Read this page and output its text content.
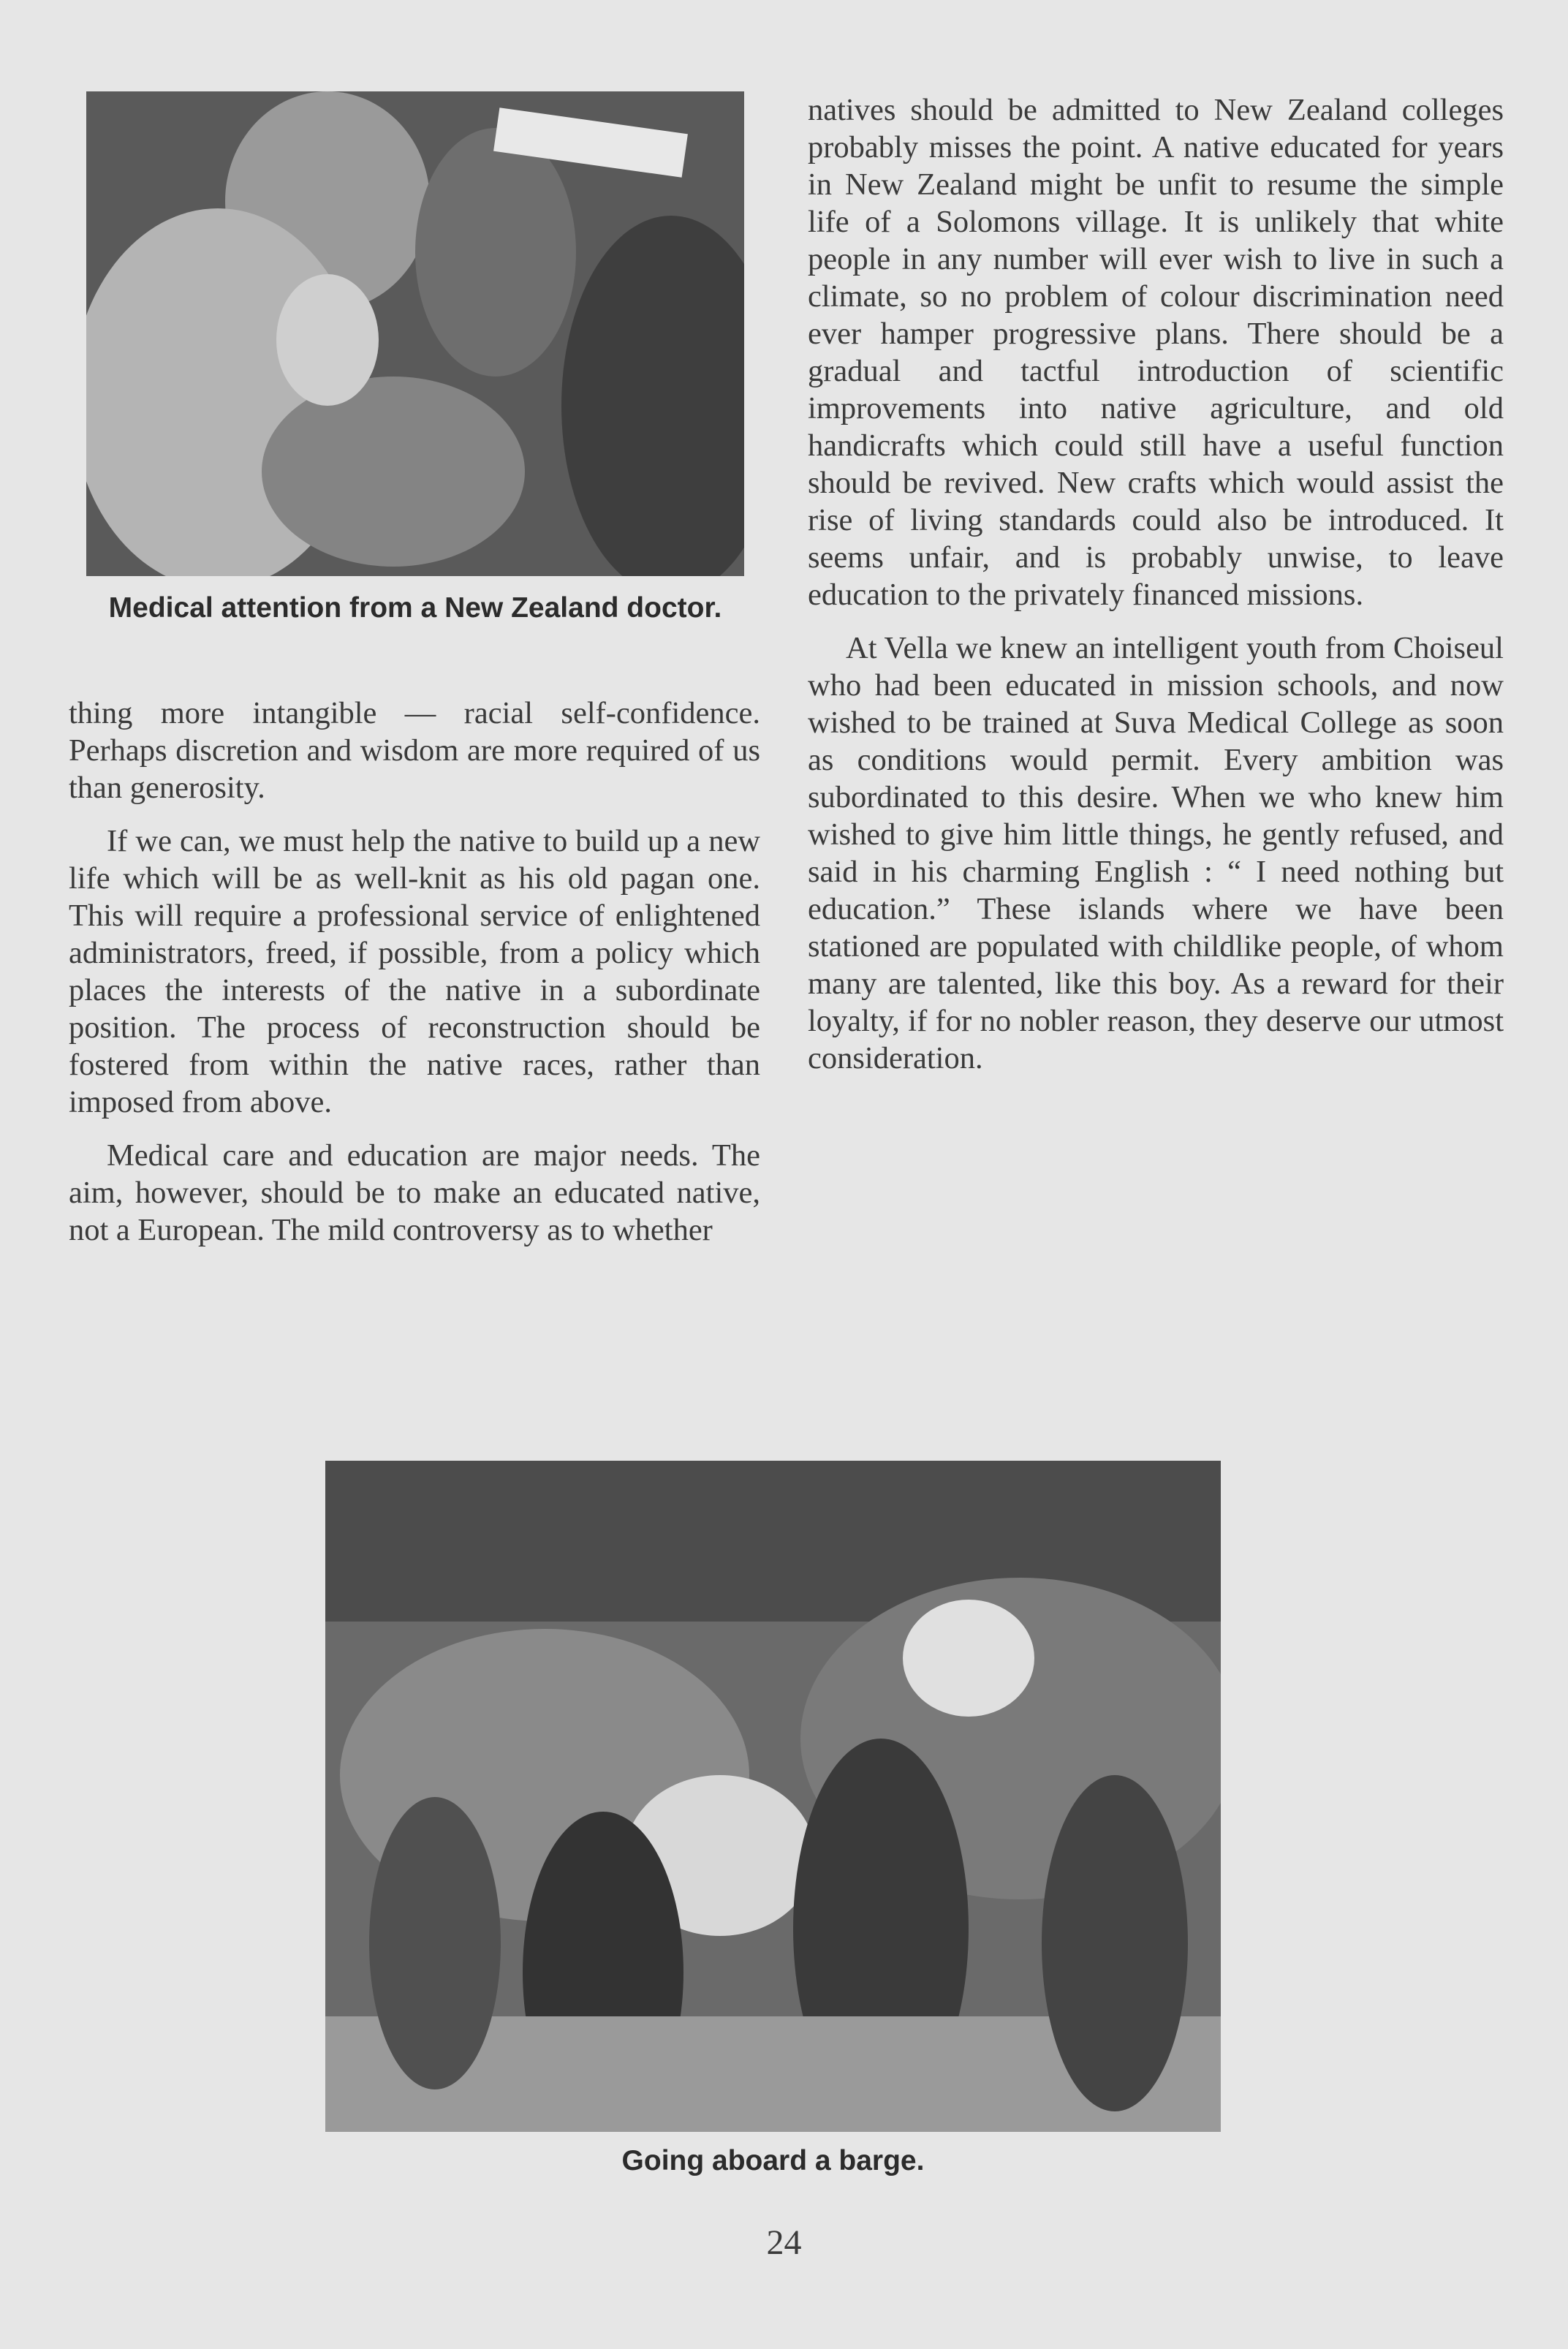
Medical attention from a New Zealand doctor.

thing more intangible — racial self-confidence. Perhaps discretion and wisdom are more required of us than generosity.

If we can, we must help the native to build up a new life which will be as well-knit as his old pagan one. This will require a professional service of enlightened administrators, freed, if possible, from a policy which places the interests of the native in a subordinate position. The process of reconstruction should be fostered from within the native races, rather than imposed from above.

Medical care and education are major needs. The aim, however, should be to make an educated native, not a European. The mild controversy as to whether

natives should be admitted to New Zealand colleges probably misses the point. A native educated for years in New Zealand might be unfit to resume the simple life of a Solomons village. It is unlikely that white people in any number will ever wish to live in such a climate, so no problem of colour discrimination need ever hamper progressive plans. There should be a gradual and tactful introduction of scientific improvements into native agriculture, and old handicrafts which could still have a useful function should be revived. New crafts which would assist the rise of living standards could also be introduced. It seems unfair, and is probably unwise, to leave education to the privately financed missions.

At Vella we knew an intelligent youth from Choiseul who had been educated in mission schools, and now wished to be trained at Suva Medical College as soon as conditions would permit. Every ambition was subordinated to this desire. When we who knew him wished to give him little things, he gently refused, and said in his charming English : “ I need nothing but education.” These islands where we have been stationed are populated with childlike people, of whom many are talented, like this boy. As a reward for their loyalty, if for no nobler reason, they deserve our utmost consideration.

Going aboard a barge.

24
